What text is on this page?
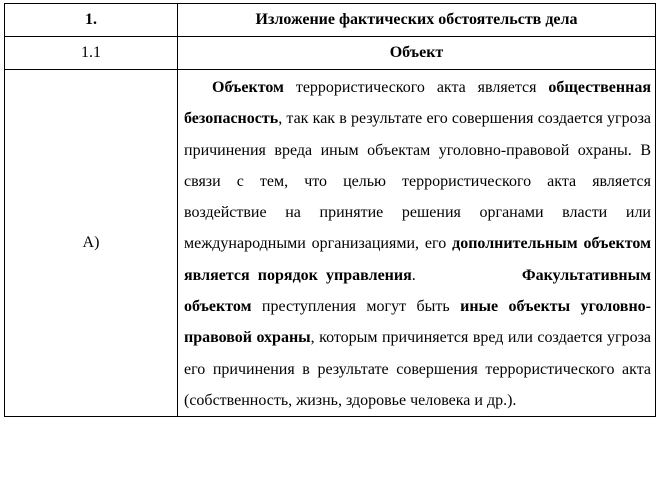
1.	Изложение фактических обстоятельств дела
1.1	Объект
А)	Объектом террористического акта является общественная безопасность, так как в результате его совершения создается угроза причинения вреда иным объектам уголовно-правовой охраны. В связи с тем, что целью террористического акта является воздействие на принятие решения органами власти или международными организациями, его дополнительным объектом является порядок управления.             Факультативным объектом преступления могут быть иные объекты уголовно-правовой охраны, которым причиняется вред или создается угроза его причинения в результате совершения террористического акта (собственность, жизнь, здоровье человека и др.).
